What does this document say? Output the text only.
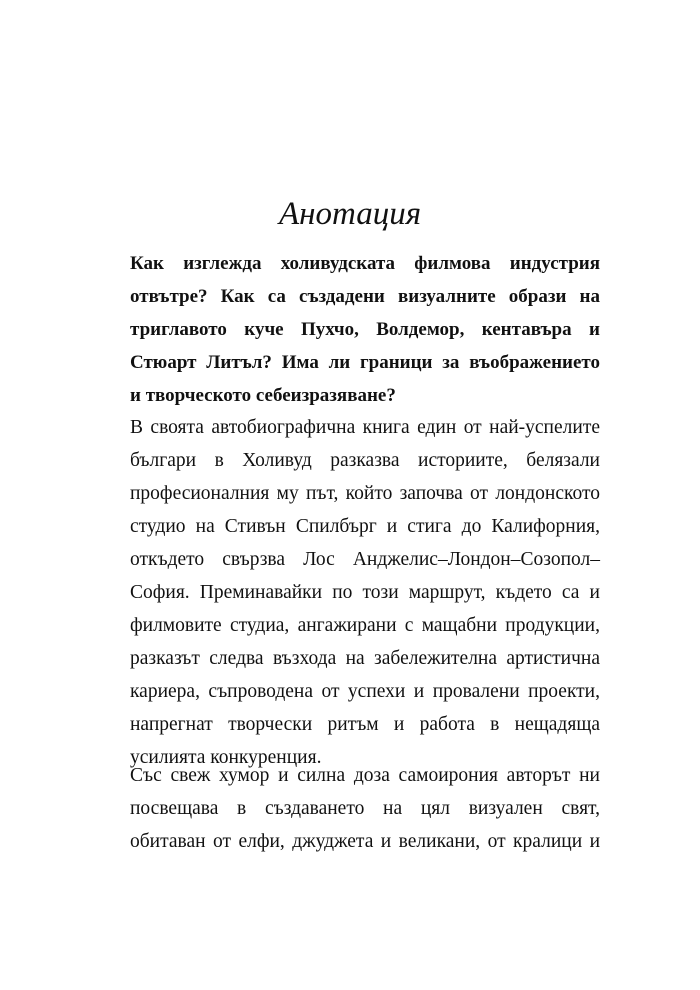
Анотация
Как изглежда холивудската филмова индустрия
отвътре? Как са създадени визуалните образи на
триглавото куче Пухчо, Волдемор, кентавъра и
Стюарт Литъл? Има ли граници за въображението
и творческото себеизразяване?
В своята автобиографична книга един от най-успелите
българи в Холивуд разказва историите, белязали
професионалния му път, който започва от лондонското
студио на Стивън Спилбърг и стига до Калифорния,
откъдето свързва Лос Анджелис–Лондон–Созопол–
София. Преминавайки по този маршрут, където са и
филмовите студиа, ангажирани с мащабни продукции,
разказът следва възхода на забележителна артистична
кариера, съпроводена от успехи и провалени проекти,
напрегнат творчески ритъм и работа в нещадяща
усилията конкуренция.
Със свеж хумор и силна доза самоирония авторът ни
посвещава в създаването на цял визуален свят,
обитаван от елфи, джуджета и великани, от кралици и
